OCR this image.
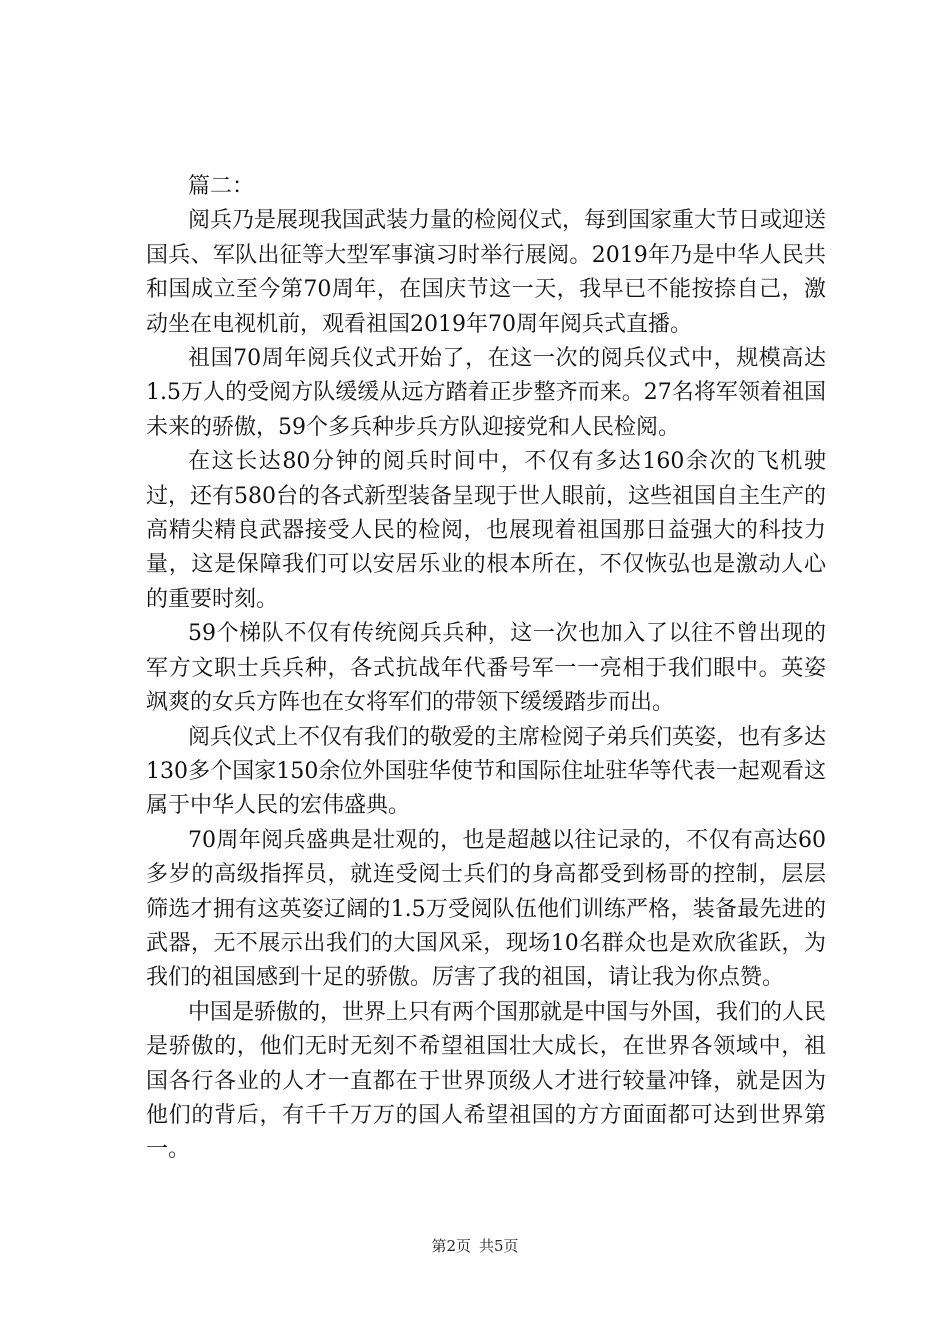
篇二：

阅兵乃是展现我国武装力量的检阅仪式，每到国家重大节日或迎送国兵、军队出征等大型军事演习时举行展阅。2019年乃是中华人民共和国成立至今第70周年，在国庆节这一天，我早已不能按捺自己，激动坐在电视机前，观看祖国2019年70周年阅兵式直播。

祖国70周年阅兵仪式开始了，在这一次的阅兵仪式中，规模高达1.5万人的受阅方队缓缓从远方踏着正步整齐而来。27名将军领着祖国未来的骄傲，59个多兵种步兵方队迎接党和人民检阅。

在这长达80分钟的阅兵时间中，不仅有多达160余次的飞机驶过，还有580台的各式新型装备呈现于世人眼前，这些祖国自主生产的高精尖精良武器接受人民的检阅，也展现着祖国那日益强大的科技力量，这是保障我们可以安居乐业的根本所在，不仅恢弘也是激动人心的重要时刻。

59个梯队不仅有传统阅兵兵种，这一次也加入了以往不曾出现的军方文职士兵兵种，各式抗战年代番号军一一亮相于我们眼中。英姿飒爽的女兵方阵也在女将军们的带领下缓缓踏步而出。

阅兵仪式上不仅有我们的敬爱的主席检阅子弟兵们英姿，也有多达130多个国家150余位外国驻华使节和国际住址驻华等代表一起观看这属于中华人民的宏伟盛典。

70周年阅兵盛典是壮观的，也是超越以往记录的，不仅有高达60多岁的高级指挥员，就连受阅士兵们的身高都受到杨哥的控制，层层筛选才拥有这英姿辽阔的1.5万受阅队伍他们训练严格，装备最先进的武器，无不展示出我们的大国风采，现场10名群众也是欢欣雀跃，为我们的祖国感到十足的骄傲。厉害了我的祖国，请让我为你点赞。

中国是骄傲的，世界上只有两个国那就是中国与外国，我们的人民是骄傲的，他们无时无刻不希望祖国壮大成长，在世界各领域中，祖国各行各业的人才一直都在于世界顶级人才进行较量冲锋，就是因为他们的背后，有千千万万的国人希望祖国的方方面面都可达到世界第一。

第2页 共5页
